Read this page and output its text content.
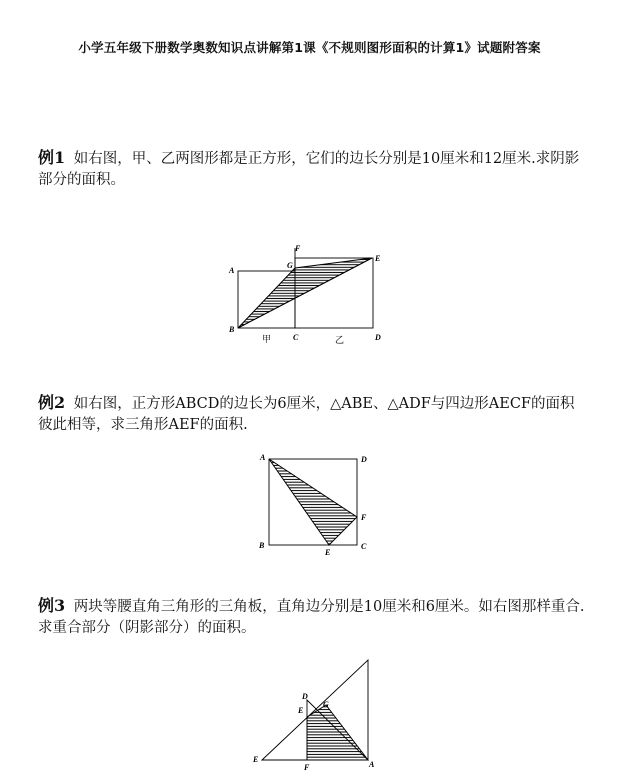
小学五年级下册数学奥数知识点讲解第1课《不规则图形面积的计算1》试题附答案
例1 如右图，甲、乙两图形都是正方形，它们的边长分别是10厘米和12厘米.求阴影部分的面积。
A
B
C	D
E
F
G
甲	乙
例2 如右图，正方形ABCD的边长为6厘米，△ABE、△ADF与四边形AECF的面积彼此相等，求三角形AEF的面积.
A	D
F
B
E
C
例3 两块等腰直角三角形的三角板，直角边分别是10厘米和6厘米。如右图那样重合.求重合部分（阴影部分）的面积。
D
E
G
E
F	A
